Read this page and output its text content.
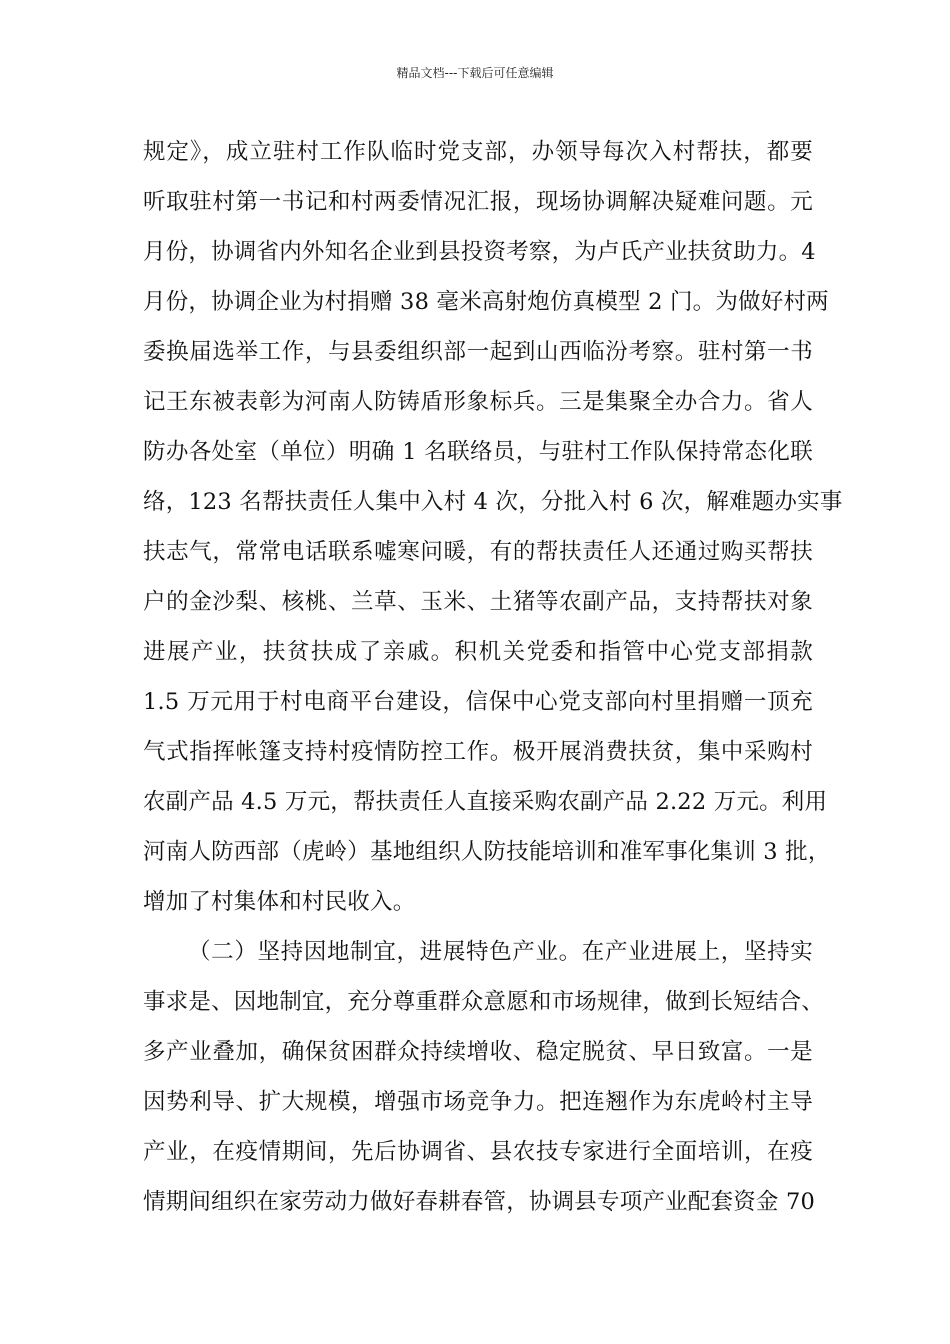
精品文档---下载后可任意编辑
规定》，成立驻村工作队临时党支部，办领导每次入村帮扶，都要
听取驻村第一书记和村两委情况汇报，现场协调解决疑难问题。元
月份，协调省内外知名企业到县投资考察，为卢氏产业扶贫助力。4
月份，协调企业为村捐赠 38 毫米高射炮仿真模型 2 门。为做好村两
委换届选举工作，与县委组织部一起到山西临汾考察。驻村第一书
记王东被表彰为河南人防铸盾形象标兵。三是集聚全办合力。省人
防办各处室（单位）明确 1 名联络员，与驻村工作队保持常态化联
络，123 名帮扶责任人集中入村 4 次，分批入村 6 次，解难题办实事
扶志气，常常电话联系嘘寒问暖，有的帮扶责任人还通过购买帮扶
户的金沙梨、核桃、兰草、玉米、土猪等农副产品，支持帮扶对象
进展产业，扶贫扶成了亲戚。积机关党委和指管中心党支部捐款
1.5 万元用于村电商平台建设，信保中心党支部向村里捐赠一顶充
气式指挥帐篷支持村疫情防控工作。极开展消费扶贫，集中采购村
农副产品 4.5 万元，帮扶责任人直接采购农副产品 2.22 万元。利用
河南人防西部（虎岭）基地组织人防技能培训和准军事化集训 3 批，
增加了村集体和村民收入。
（二）坚持因地制宜，进展特色产业。在产业进展上，坚持实
事求是、因地制宜，充分尊重群众意愿和市场规律，做到长短结合、
多产业叠加，确保贫困群众持续增收、稳定脱贫、早日致富。一是
因势利导、扩大规模，增强市场竞争力。把连翘作为东虎岭村主导
产业，在疫情期间，先后协调省、县农技专家进行全面培训，在疫
情期间组织在家劳动力做好春耕春管，协调县专项产业配套资金 70
